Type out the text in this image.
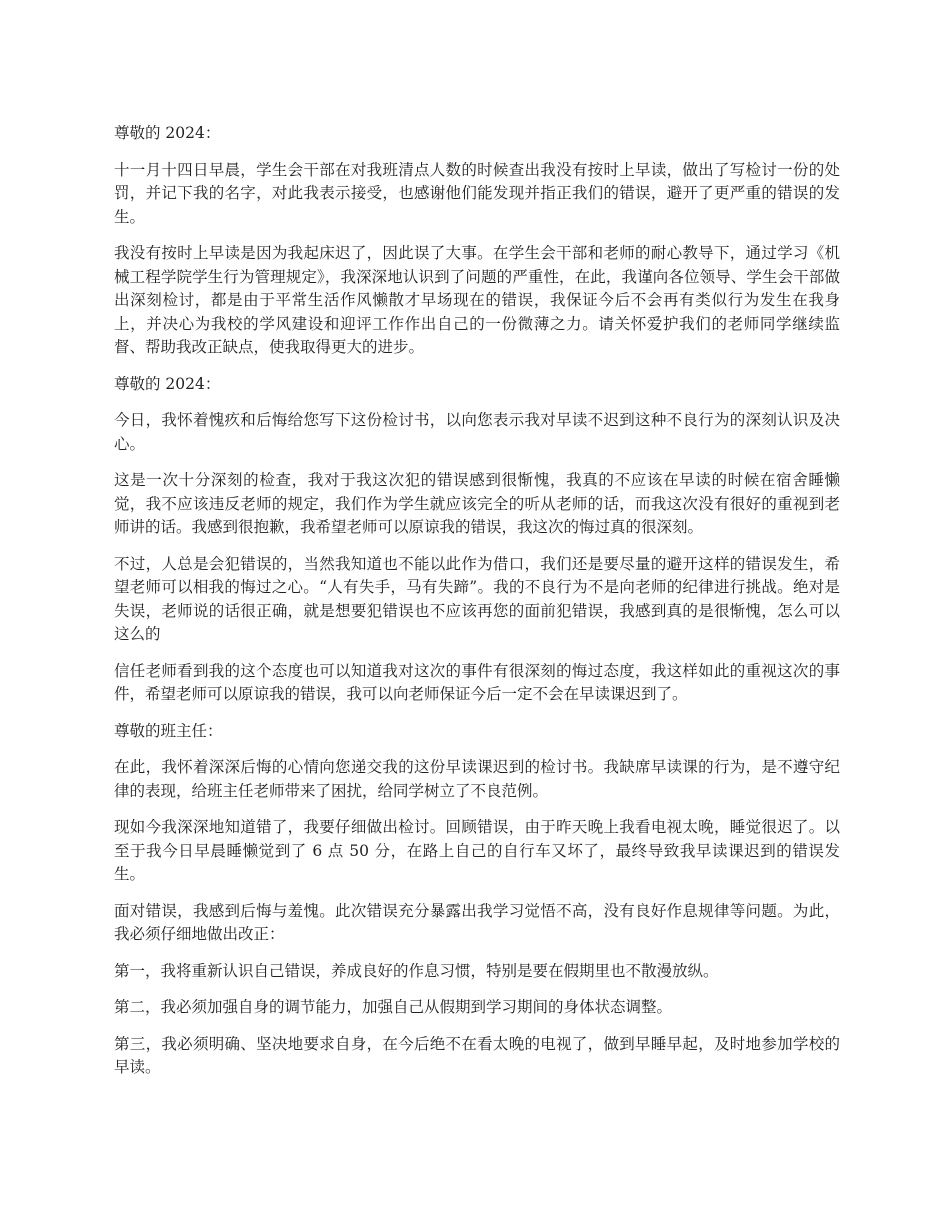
尊敬的 2024：

十一月十四日早晨，学生会干部在对我班清点人数的时候查出我没有按时上早读，做出了写检讨一份的处罚，并记下我的名字，对此我表示接受，也感谢他们能发现并指正我们的错误，避开了更严重的错误的发生。

我没有按时上早读是因为我起床迟了，因此误了大事。在学生会干部和老师的耐心教导下，通过学习《机械工程学院学生行为管理规定》，我深深地认识到了问题的严重性，在此，我谨向各位领导、学生会干部做出深刻检讨，都是由于平常生活作风懒散才早场现在的错误，我保证今后不会再有类似行为发生在我身上，并决心为我校的学风建设和迎评工作作出自己的一份微薄之力。请关怀爱护我们的老师同学继续监督、帮助我改正缺点，使我取得更大的进步。

尊敬的 2024：

今日，我怀着愧疚和后悔给您写下这份检讨书，以向您表示我对早读不迟到这种不良行为的深刻认识及决心。

这是一次十分深刻的检查，我对于我这次犯的错误感到很惭愧，我真的不应该在早读的时候在宿舍睡懒觉，我不应该违反老师的规定，我们作为学生就应该完全的听从老师的话，而我这次没有很好的重视到老师讲的话。我感到很抱歉，我希望老师可以原谅我的错误，我这次的悔过真的很深刻。

不过，人总是会犯错误的，当然我知道也不能以此作为借口，我们还是要尽量的避开这样的错误发生，希望老师可以相我的悔过之心。“人有失手，马有失蹄”。我的不良行为不是向老师的纪律进行挑战。绝对是失误，老师说的话很正确，就是想要犯错误也不应该再您的面前犯错误，我感到真的是很惭愧，怎么可以这么的

信任老师看到我的这个态度也可以知道我对这次的事件有很深刻的悔过态度，我这样如此的重视这次的事件，希望老师可以原谅我的错误，我可以向老师保证今后一定不会在早读课迟到了。

尊敬的班主任：

在此，我怀着深深后悔的心情向您递交我的这份早读课迟到的检讨书。我缺席早读课的行为，是不遵守纪律的表现，给班主任老师带来了困扰，给同学树立了不良范例。

现如今我深深地知道错了，我要仔细做出检讨。回顾错误，由于昨天晚上我看电视太晚，睡觉很迟了。以至于我今日早晨睡懒觉到了 6 点 50 分，在路上自己的自行车又坏了，最终导致我早读课迟到的错误发生。

面对错误，我感到后悔与羞愧。此次错误充分暴露出我学习觉悟不高，没有良好作息规律等问题。为此，我必须仔细地做出改正：

第一，我将重新认识自己错误，养成良好的作息习惯，特别是要在假期里也不散漫放纵。

第二，我必须加强自身的调节能力，加强自己从假期到学习期间的身体状态调整。

第三，我必须明确、坚决地要求自身，在今后绝不在看太晚的电视了，做到早睡早起，及时地参加学校的早读。
